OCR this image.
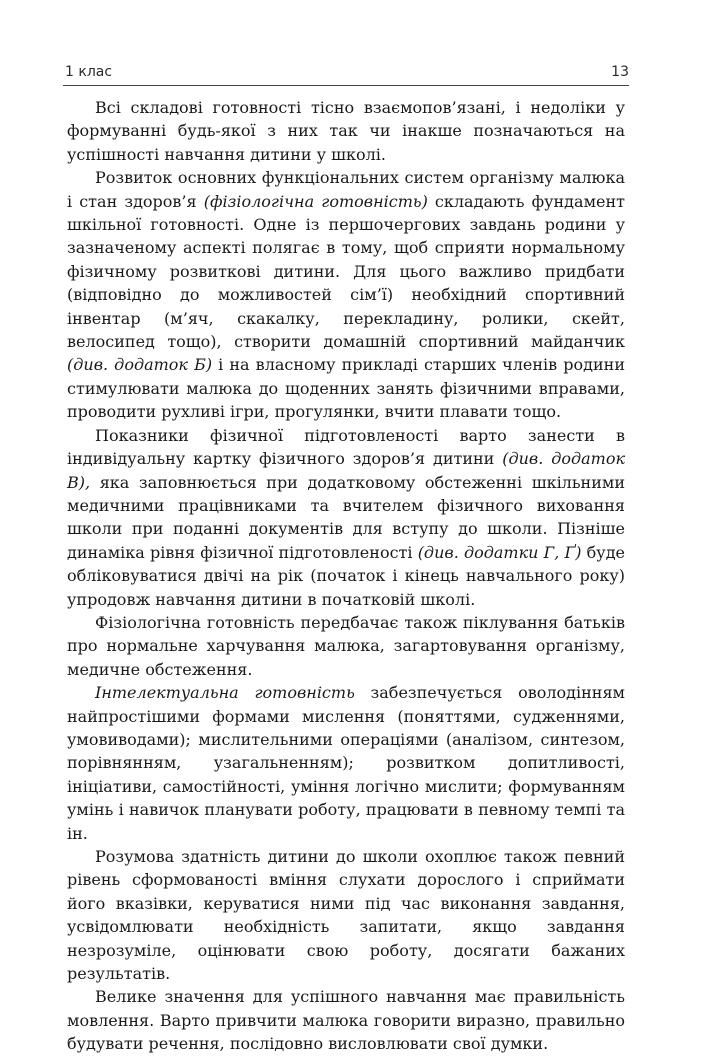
1 клас	13

Всі складові готовності тісно взаємопов’язані, і недоліки у формуванні будь-якої з них так чи інакше позначаються на успішності навчання дитини у школі.

Розвиток основних функціональних систем організму малюка і стан здоров’я (фізіологічна готовність) складають фундамент шкільної готовності. Одне із першочергових завдань родини у зазначеному аспекті полягає в тому, щоб сприяти нормальному фізичному розвиткові дитини. Для цього важливо придбати (відповідно до можливостей сім’ї) необхідний спортивний інвентар (м’яч, скакалку, перекладину, ролики, скейт, велосипед тощо), створити домашній спортивний майданчик (див. додаток Б) і на власному прикладі старших членів родини стимулювати малюка до щоденних занять фізичними вправами, проводити рухливі ігри, прогулянки, вчити плавати тощо.

Показники фізичної підготовленості варто занести в індивідуальну картку фізичного здоров’я дитини (див. додаток В), яка заповнюється при додатковому обстеженні шкільними медичними працівниками та вчителем фізичного виховання школи при поданні документів для вступу до школи. Пізніше динаміка рівня фізичної підготовленості (див. додатки Г, Ґ) буде обліковуватися двічі на рік (початок і кінець навчального року) упродовж навчання дитини в початковій школі.

Фізіологічна готовність передбачає також піклування батьків про нормальне харчування малюка, загартовування організму, медичне обстеження.

Інтелектуальна готовність забезпечується оволодінням найпростішими формами мислення (поняттями, судженнями, умовиводами); мислительними операціями (аналізом, синтезом, порівнянням, узагальненням); розвитком допитливості, ініціативи, самостійності, уміння логічно мислити; формуванням умінь і навичок планувати роботу, працювати в певному темпі та ін.

Розумова здатність дитини до школи охоплює також певний рівень сформованості вміння слухати дорослого і сприймати його вказівки, керуватися ними під час виконання завдання, усвідомлювати необхідність запитати, якщо завдання незрозуміле, оцінювати свою роботу, досягати бажаних результатів.

Велике значення для успішного навчання має правильність мовлення. Варто привчити малюка говорити виразно, правильно будувати речення, послідовно висловлювати свої думки.
